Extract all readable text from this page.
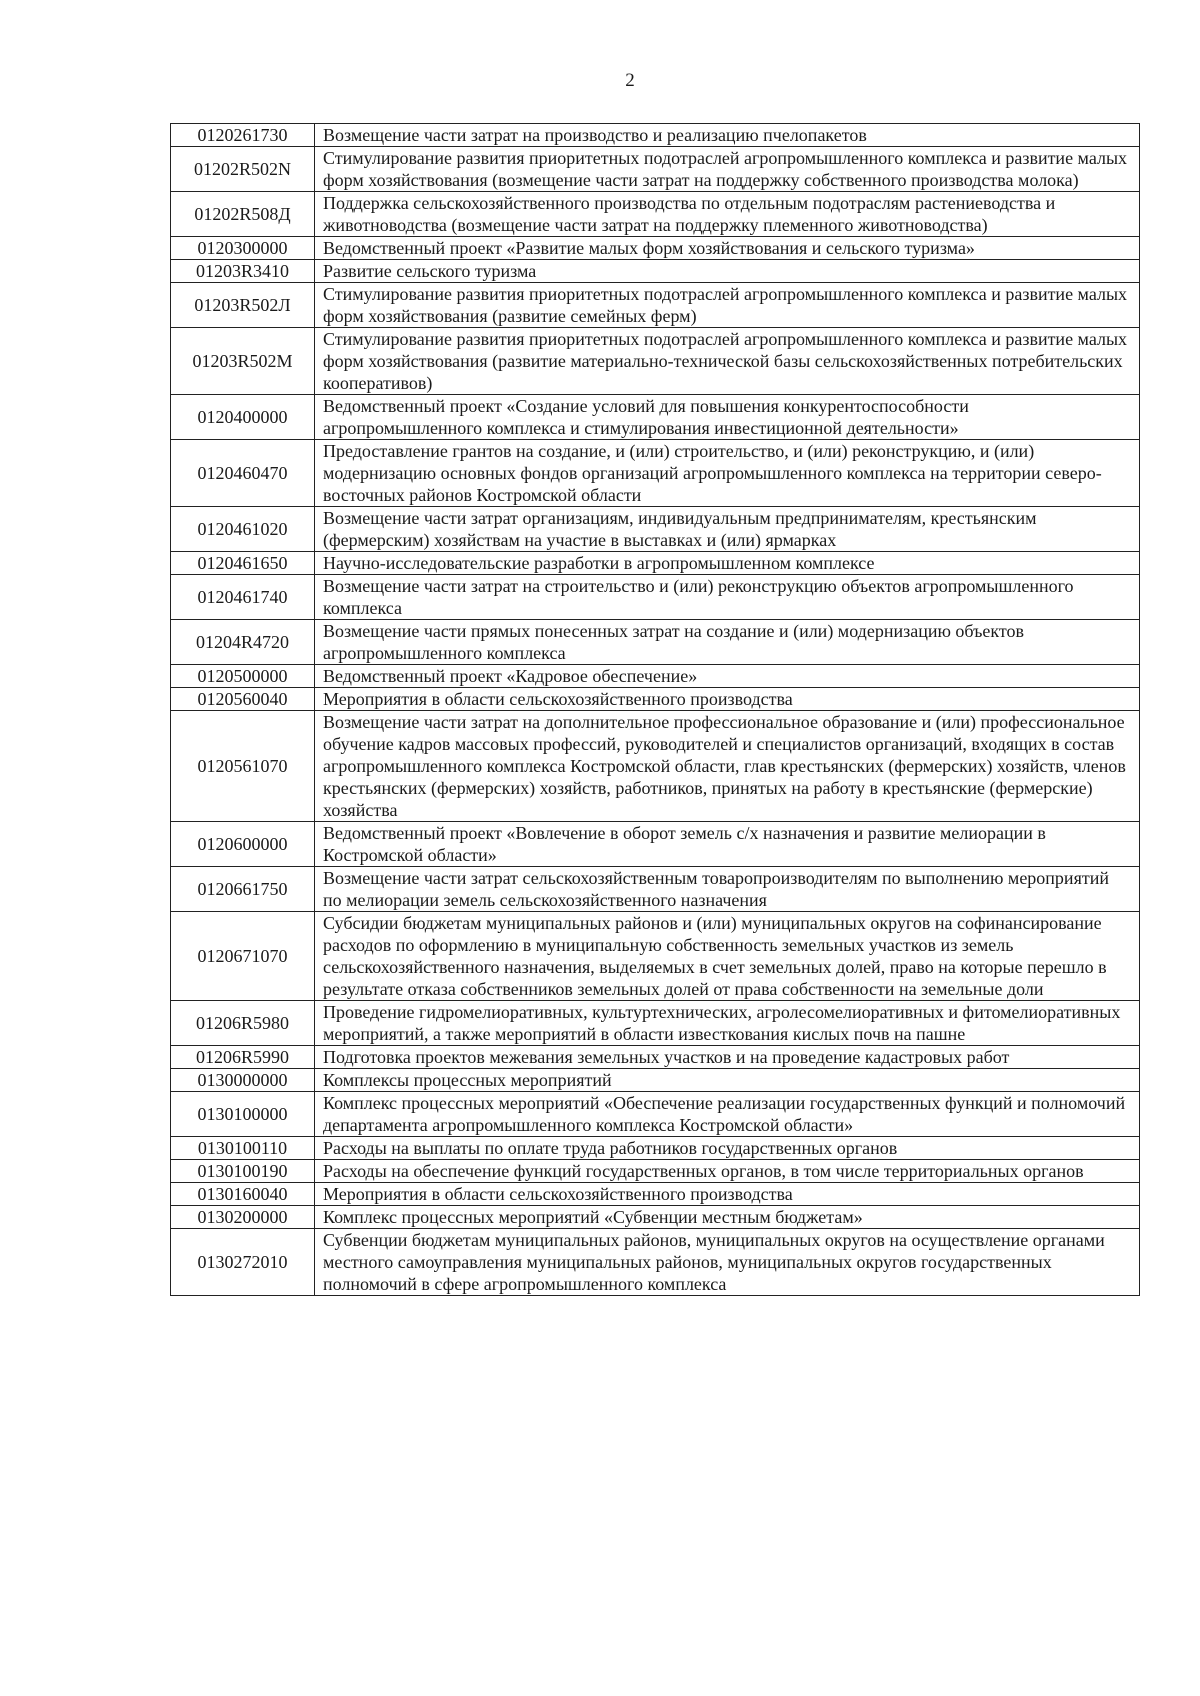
2
0120261730	Возмещение части затрат на производство и реализацию пчелопакетов
01202R502N	Стимулирование развития приоритетных подотраслей агропромышленного комплекса и развитие малых форм хозяйствования (возмещение части затрат на поддержку собственного производства молока)
01202R508Д	Поддержка сельскохозяйственного производства по отдельным подотраслям растениеводства и животноводства (возмещение части затрат на поддержку племенного животноводства)
0120300000	Ведомственный проект «Развитие малых форм хозяйствования и сельского туризма»
01203R3410	Развитие сельского туризма
01203R502Л	Стимулирование развития приоритетных подотраслей агропромышленного комплекса и развитие малых форм хозяйствования (развитие семейных ферм)
01203R502М	Стимулирование развития приоритетных подотраслей агропромышленного комплекса и развитие малых форм хозяйствования (развитие материально-технической базы сельскохозяйственных потребительских кооперативов)
0120400000	Ведомственный проект «Создание условий для повышения конкурентоспособности агропромышленного комплекса и стимулирования инвестиционной деятельности»
0120460470	Предоставление грантов на создание, и (или) строительство, и (или) реконструкцию, и (или) модернизацию основных фондов организаций агропромышленного комплекса на территории северо-восточных районов Костромской области
0120461020	Возмещение части затрат организациям, индивидуальным предпринимателям, крестьянским (фермерским) хозяйствам на участие в выставках и (или) ярмарках
0120461650	Научно-исследовательские разработки в агропромышленном комплексе
0120461740	Возмещение части затрат на строительство и (или) реконструкцию объектов агропромышленного комплекса
01204R4720	Возмещение части прямых понесенных затрат на создание и (или) модернизацию объектов агропромышленного комплекса
0120500000	Ведомственный проект «Кадровое обеспечение»
0120560040	Мероприятия в области сельскохозяйственного производства
0120561070	Возмещение части затрат на дополнительное профессиональное образование и (или) профессиональное обучение кадров массовых профессий, руководителей и специалистов организаций, входящих в состав агропромышленного комплекса Костромской области, глав крестьянских (фермерских) хозяйств, членов крестьянских (фермерских) хозяйств, работников, принятых на работу в крестьянские (фермерские) хозяйства
0120600000	Ведомственный проект «Вовлечение в оборот земель с/х назначения и развитие мелиорации в Костромской области»
0120661750	Возмещение части затрат сельскохозяйственным товаропроизводителям по выполнению мероприятий по мелиорации земель сельскохозяйственного назначения
0120671070	Субсидии бюджетам муниципальных районов и (или) муниципальных округов на софинансирование расходов по оформлению в муниципальную собственность земельных участков из земель сельскохозяйственного назначения, выделяемых в счет земельных долей, право на которые перешло в результате отказа собственников земельных долей от права собственности на земельные доли
01206R5980	Проведение гидромелиоративных, культуртехнических, агролесомелиоративных и фитомелиоративных мероприятий, а также мероприятий в области известкования кислых почв на пашне
01206R5990	Подготовка проектов межевания земельных участков и на проведение кадастровых работ
0130000000	Комплексы процессных мероприятий
0130100000	Комплекс процессных мероприятий «Обеспечение реализации государственных функций и полномочий департамента агропромышленного комплекса Костромской области»
0130100110	Расходы на выплаты по оплате труда работников государственных органов
0130100190	Расходы на обеспечение функций государственных органов, в том числе территориальных органов
0130160040	Мероприятия в области сельскохозяйственного производства
0130200000	Комплекс процессных мероприятий «Субвенции местным бюджетам»
0130272010	Субвенции бюджетам муниципальных районов, муниципальных округов на осуществление органами местного самоуправления муниципальных районов, муниципальных округов государственных полномочий в сфере агропромышленного комплекса
